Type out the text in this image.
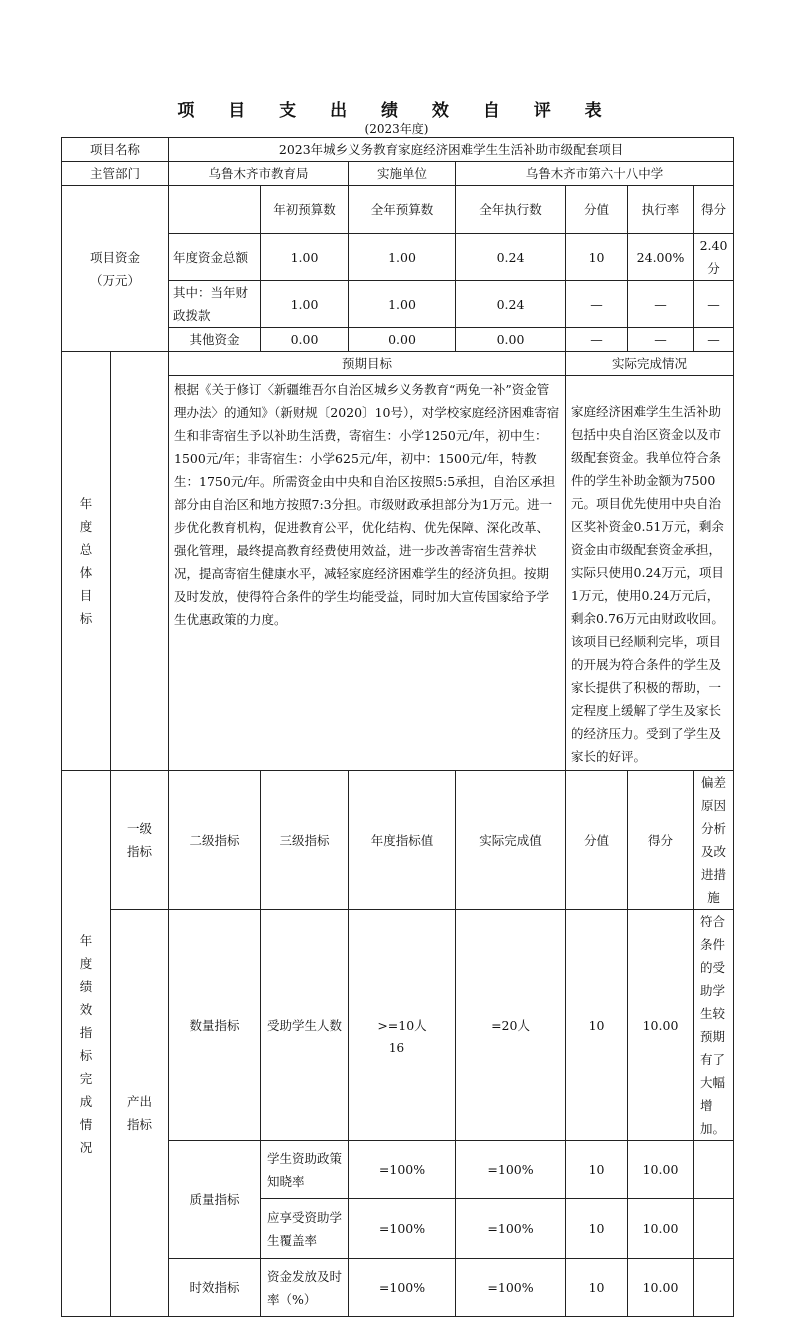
项 目 支 出 绩 效 自 评 表
(2023年度)
项目名称		2023年城乡义务教育家庭经济困难学生生活补助市级配套项目						
主管部门		乌鲁木齐市教育局		实施单位	乌鲁木齐市第六十八中学			
项目资金
（万元）			年初预算数	全年预算数	全年执行数	分值	执行率	得分
		年度资金总额	1.00	1.00	0.24	10	24.00%	2.40分
		其中：当年财政拨款	1.00	1.00	0.24	—	—	—
		其他资金	0.00	0.00	0.00	—	—	—
年度总体目标		预期目标				实际完成情况		
		根据《关于修订〈新疆维吾尔自治区城乡义务教育“两免一补”资金管理办法〉的通知》（新财规〔2020〕10号），对学校家庭经济困难寄宿生和非寄宿生予以补助生活费，寄宿生：小学1250元/年，初中生：1500元/年；非寄宿生：小学625元/年，初中：1500元/年，特教生：1750元/年。所需资金由中央和自治区按照5:5承担，自治区承担部分由自治区和地方按照7:3分担。市级财政承担部分为1万元。进一步优化教育机构，促进教育公平，优化结构、优先保障、深化改革、强化管理，最终提高教育经费使用效益，进一步改善寄宿生营养状况，提高寄宿生健康水平，减轻家庭经济困难学生的经济负担。按期及时发放，使得符合条件的学生均能受益，同时加大宣传国家给予学生优惠政策的力度。				家庭经济困难学生生活补助包括中央自治区资金以及市级配套资金。我单位符合条件的学生补助金额为7500元。项目优先使用中央自治区奖补资金0.51万元，剩余资金由市级配套资金承担，实际只使用0.24万元，项目1万元，使用0.24万元后，剩余0.76万元由财政收回。该项目已经顺利完毕，项目的开展为符合条件的学生及家长提供了积极的帮助，一定程度上缓解了学生及家长的经济压力。受到了学生及家长的好评。		
年度绩效指标完成情况	一级指标	二级指标	三级指标	年度指标值	实际完成值	分值	得分	偏差原因分析及改进措施
	产出指标	数量指标	受助学生人数	>=10人	=20人	10	10.00	符合条件的受助学生较预期有了大幅增加。
		质量指标	学生资助政策知晓率	=100%	=100%	10	10.00	
			应享受资助学生覆盖率	=100%	=100%	10	10.00	
		时效指标	资金发放及时率（%）	=100%	=100%	10	10.00	
16
